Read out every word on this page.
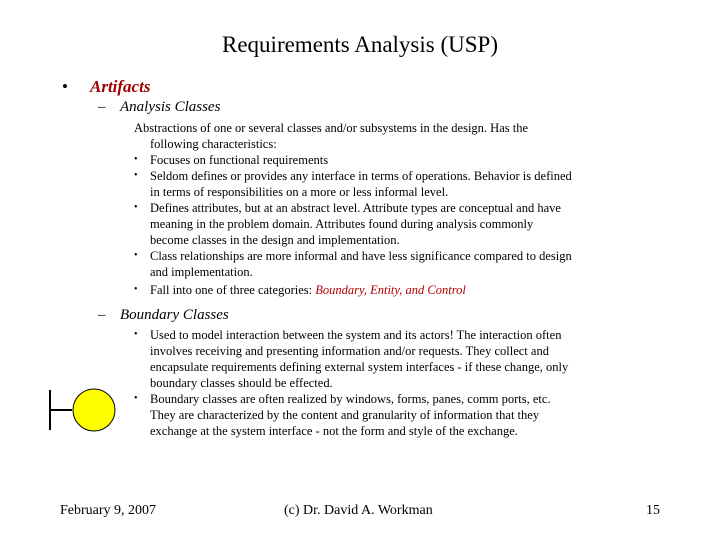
Requirements Analysis (USP)
• Artifacts
– Analysis Classes
Abstractions of one or several classes and/or subsystems in the design. Has the
following characteristics:
• Focuses on functional requirements
• Seldom defines or provides any interface in terms of operations. Behavior is defined
in terms of responsibilities on a more or less informal level.
• Defines attributes, but at an abstract level. Attribute types are conceptual and have
meaning in the problem domain. Attributes found during analysis commonly
become classes in the design and implementation.
• Class relationships are more informal and have less significance compared to design
and implementation.
• Fall into one of three categories: Boundary, Entity, and Control
– Boundary Classes
• Used to model interaction between the system and its actors! The interaction often
involves receiving and presenting information and/or requests. They collect and
encapsulate requirements defining external system interfaces - if these change, only
boundary classes should be effected.
• Boundary classes are often realized by windows, forms, panes, comm ports, etc.
They are characterized by the content and granularity of information that they
exchange at the system interface - not the form and style of the exchange.
February 9, 2007	(c) Dr. David A. Workman	15
